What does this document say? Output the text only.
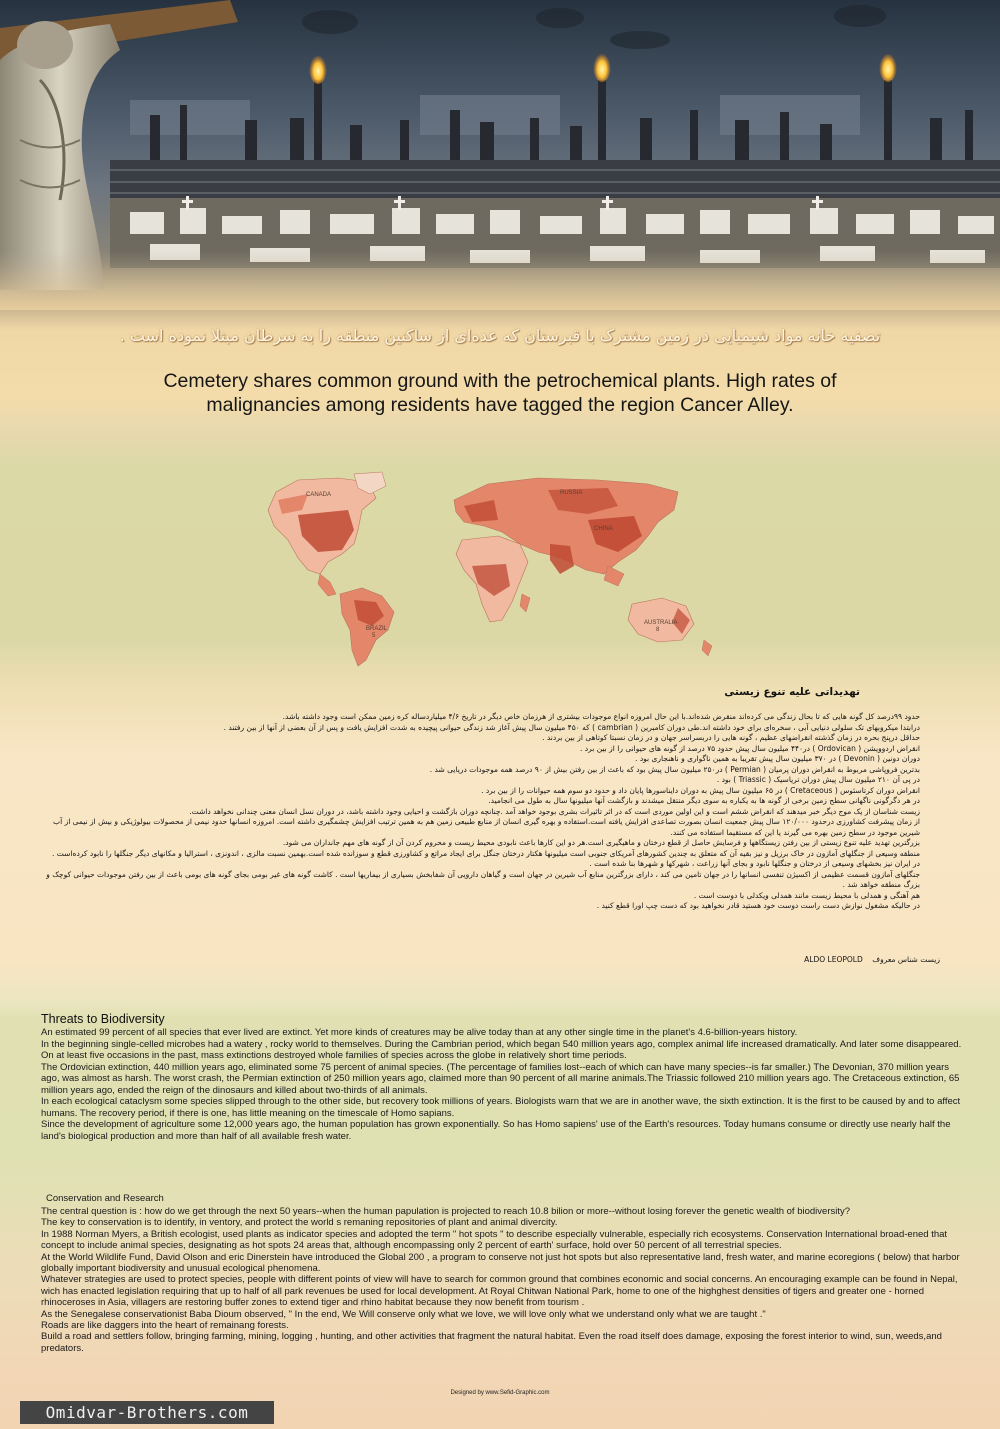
تصفیه خانه مواد شیمیایی در زمین مشترک با قبرستان که عده‌ای از ساکنین منطقه را به سرطان مبتلا نموده است .
Cemetery shares common ground with the petrochemical plants. High rates of
malignancies among residents have tagged the region Cancer Alley.
CANADA	RUSSIA
CHINA
BRAZIL
5
AUSTRALIA
8
تهدیداتی علیه تنوع زیستی

حدود ۹۹درصد کل گونه هایی که تا بحال زندگی می کرده‌اند منقرض شده‌اند.با این حال امروزه انواع موجودات بیشتری از هرزمان خاص دیگر در تاریخ ۴/۶ میلیاردساله کره زمین ممکن است وجود داشته باشد.

درابتدا میکروبهای تک سلولی دنیایی آبی ، سخره‌ای برای خود داشته اند.طی دوران کامبرین ( cambrian ) که ۴۵۰ میلیون سال پیش آغاز شد زندگی حیوانی پیچیده به شدت افزایش یافت و پس از آن بعضی از آنها از بین رفتند .

حداقل درپنج بحره در زمان گذشته انقراضهای عظیم ، گونه هایی را دربسراسر جهان و در زمان نسبتا کوتاهی از بین بردند .

انقراض اردوویشن ( Ordovican ) در۴۴۰ میلیون سال پیش حدود ۷۵ درصد از گونه های حیوانی را از بین برد .

دوران دونین ( Devonin ) در ۳۷۰ میلیون سال پیش تقریبا به همین ناگواری و ناهنجاری بود .

بدترین فروپاشی مربوط به انقراض دوران پرمیان ( Permian ) در۲۵۰ میلیون سال پیش بود که باعث از بین رفتن بیش از ۹۰ درصد همه موجودات دریایی شد .

در پی آن ۲۱۰ میلیون سال پیش دوران تریاسیک ( Triassic ) بود .

انقراض دوران کرتاسئوس ( Cretaceous ) در ۶۵ میلیون سال پیش به دوران دایناسورها پایان داد و حدود دو سوم همه حیوانات را از بین برد .

در هر دگرگونی ناگهانی سطح زمین برخی از گونه ها به یکباره به سوی دیگر منتقل میشدند و بازگشت آنها میلیونها سال به طول می انجامید.

زیست شناسان از یک موج دیگر خبر میدهند که انقراض ششم است و این اولین موردی است که در اثر تاثیرات بشری بوجود خواهد آمد .چنانچه دوران بازگشت و احیایی وجود داشته باشد، در دوران نسل انسان معنی چندانی نخواهد داشت.

از زمان پیشرفت کشاورزی درحدود ۱۲۰/۰۰۰ سال پیش جمعیت انسان بصورت تصاعدی افزایش یافته است.استفاده و بهره گیری انسان از منابع طبیعی زمین هم به همین ترتیب افزایش چشمگیری داشته است. امروزه انسانها حدود نیمی از محصولات بیولوژیکی و بیش از نیمی از آب شیرین موجود در سطح زمین بهره می گیرند یا این که مستقیما استفاده می کنند.

بزرگترین تهدید علیه تنوع زیستی از بین رفتن زیستگاهها و فرسایش حاصل از قطع درختان و ماهیگیری است.هر دو این کارها باعث نابودی محیط زیست و محروم کردن آن از گونه های مهم جانداران می شود.

منطقه وسیعی از جنگلهای آمازون در خاک برزیل و نیز بقیه آن که متعلق به چندین کشورهای آمریکای جنوبی است میلیونها هکتار درختان جنگل برای ایجاد مراتع و کشاورزی قطع و سوزانده شده است.بهمین نسبت مالزی ، اندونزی ، استرالیا و مکانهای دیگر جنگلها را نابود کرده‌است .

در ایران نیز بخشهای وسیعی از درختان و جنگلها نابود و بجای آنها زراعت ، شهرکها و شهرها بنا شده است .

جنگلهای آمازون قسمت عظیمی از اکسیژن تنفسی انسانها را در جهان تامین می کند ، دارای بزرگترین منابع آب شیرین در جهان است و گیاهان دارویی آن شفابخش بسیاری از بیماریها است . کاشت گونه های غیر بومی بجای گونه های بومی باعث از بین رفتن موجودات حیوانی کوچک و بزرگ منطقه خواهد شد .

هم آهنگی و همدلی با محیط زیست مانند همدلی ویکدلی با دوست است .

در حالیکه مشغول نوازش دست راست دوست خود هستید قادر نخواهید بود که دست چپ اورا قطع کنید .

زیست شناس معروف    ALDO LEOPOLD
Threats to Biodiversity

An estimated 99 percent of all species that ever lived are extinct. Yet more kinds of creatures may be alive today than at any other single time in the planet's 4.6-billion-years history.

In the beginning single-celled microbes had a watery , rocky world to themselves. During the Cambrian period, which began 540 million years ago, complex animal life increased dramatically. And later some disappeared. On at least five occasions in the past, mass extinctions destroyed whole families of species across the globe in relatively short time periods.

The Ordovician extinction, 440 million years ago, eliminated some 75 percent of animal species. (The percentage of families lost--each of which can have many species--is far smaller.) The Devonian, 370 million years ago, was almost as harsh. The worst crash, the Permian extinction of 250 million years ago, claimed more than 90 percent of all marine animals.The Triassic followed 210 million years ago. The Cretaceous extinction, 65 million years ago, ended the reign of the dinosaurs and killed about two-thirds of all animals.

In each ecological cataclysm some species slipped through to the other side, but recovery took millions of years. Biologists warn that we are in another wave, the sixth extinction. It is the first to be caused by and to affect humans. The recovery period, if there is one, has little meaning on the timescale of Homo sapians.

Since the development of agriculture some 12,000 years ago, the human population has grown exponentially. So has Homo sapiens' use of the Earth's resources. Today humans consume or directly use nearly half the land's biological production and more than half of all available fresh water.

Conservation and Research

The central question is : how do we get through the next 50 years--when the human papulation is projected to reach 10.8 bilion or more--without losing forever the genetic wealth of biodiversity?

The key to conservation is to identify, in ventory, and protect the world s remaning repositories of plant and animal divercity.

In 1988 Norman Myers, a British ecologist, used plants as indicator species and adopted the term " hot spots " to describe especially vulnerable, especially rich ecosystems. Conservation International broad-ened that concept to include animal species, designating as hot spots 24 areas that, although encompassing only 2 percent of earth' surface, hold over 50 percent of all terrestrial species.

At the World Wildlife Fund, David Olson and eric Dinerstein have introduced the Global 200 , a program to conserve not just hot spots but also representative land, fresh water, and marine ecoregions ( below) that harbor globally important biodiversity and unusual ecological phenomena.

Whatever strategies are used to protect species, people with different points of view will have to search for common ground that combines economic and social concerns. An encouraging example can be found in Nepal, wich has enacted legislation requiring that up to half of all park revenues be used for local development. At Royal Chitwan National Park, home to one of the highghest densities of tigers and greater one - horned rhinoceroses in Asia, villagers are restoring buffer zones to extend tiger and rhino habitat because they now benefit from tourism .

As the Senegalese conservationist Baba Dioum observed, " In the end, We Will conserve only what we love, we will love only what we understand only what we are taught ."

Roads are like daggers into the heart of remainang forests.

Build a road and settlers follow, bringing farming, mining, logging , hunting, and other activities that fragment the natural habitat. Even the road itself does damage, exposing the forest interior to wind, sun, weeds,and predators.

Designed by www.Sefid-Graphic.com
Omidvar-Brothers.com
